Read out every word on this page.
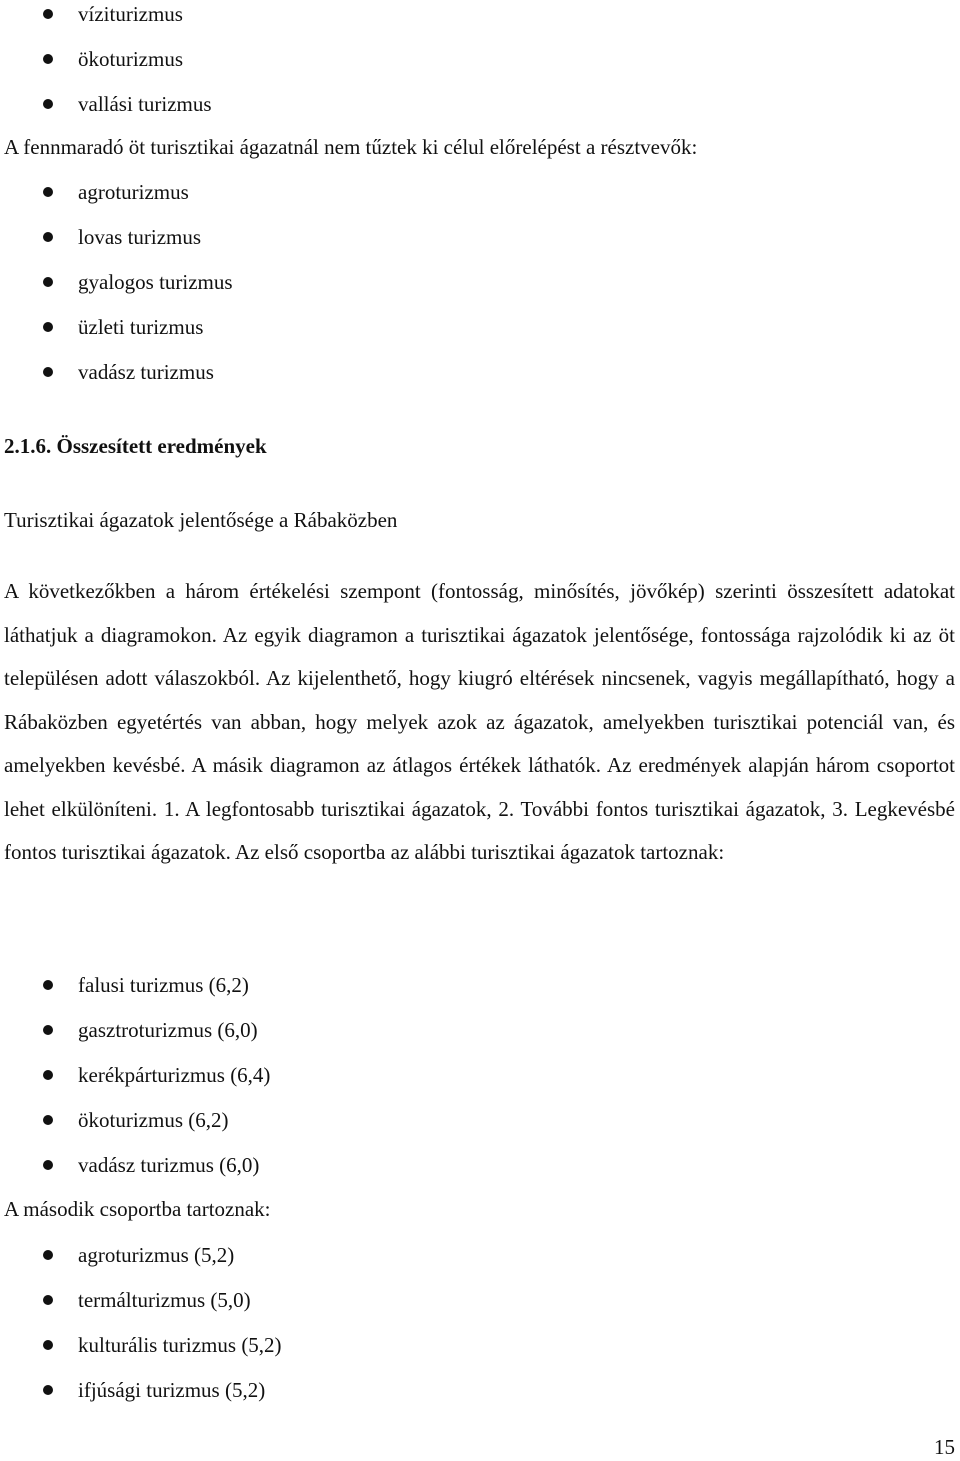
víziturizmus
ökoturizmus
vallási turizmus

A fennmaradó öt turisztikai ágazatnál nem tűztek ki célul előrelépést a résztvevők:

agroturizmus
lovas turizmus
gyalogos turizmus
üzleti turizmus
vadász turizmus
2.1.6. Összesített eredmények
Turisztikai ágazatok jelentősége a Rábaközben

A következőkben a három értékelési szempont (fontosság, minősítés, jövőkép) szerinti összesített adatokat láthatjuk a diagramokon. Az egyik diagramon a turisztikai ágazatok jelentősége, fontossága rajzolódik ki az öt településen adott válaszokból. Az kijelenthető, hogy kiugró eltérések nincsenek, vagyis megállapítható, hogy a Rábaközben egyetértés van abban, hogy melyek azok az ágazatok, amelyekben turisztikai potenciál van, és amelyekben kevésbé. A másik diagramon az átlagos értékek láthatók. Az eredmények alapján három csoportot lehet elkülöníteni. 1. A legfontosabb turisztikai ágazatok, 2. További fontos turisztikai ágazatok, 3. Legkevésbé fontos turisztikai ágazatok. Az első csoportba az alábbi turisztikai ágazatok tartoznak:

falusi turizmus (6,2)
gasztroturizmus (6,0)
kerékpárturizmus (6,4)
ökoturizmus (6,2)
vadász turizmus (6,0)

A második csoportba tartoznak:

agroturizmus (5,2)
termálturizmus (5,0)
kulturális turizmus (5,2)
ifjúsági turizmus (5,2)
15
